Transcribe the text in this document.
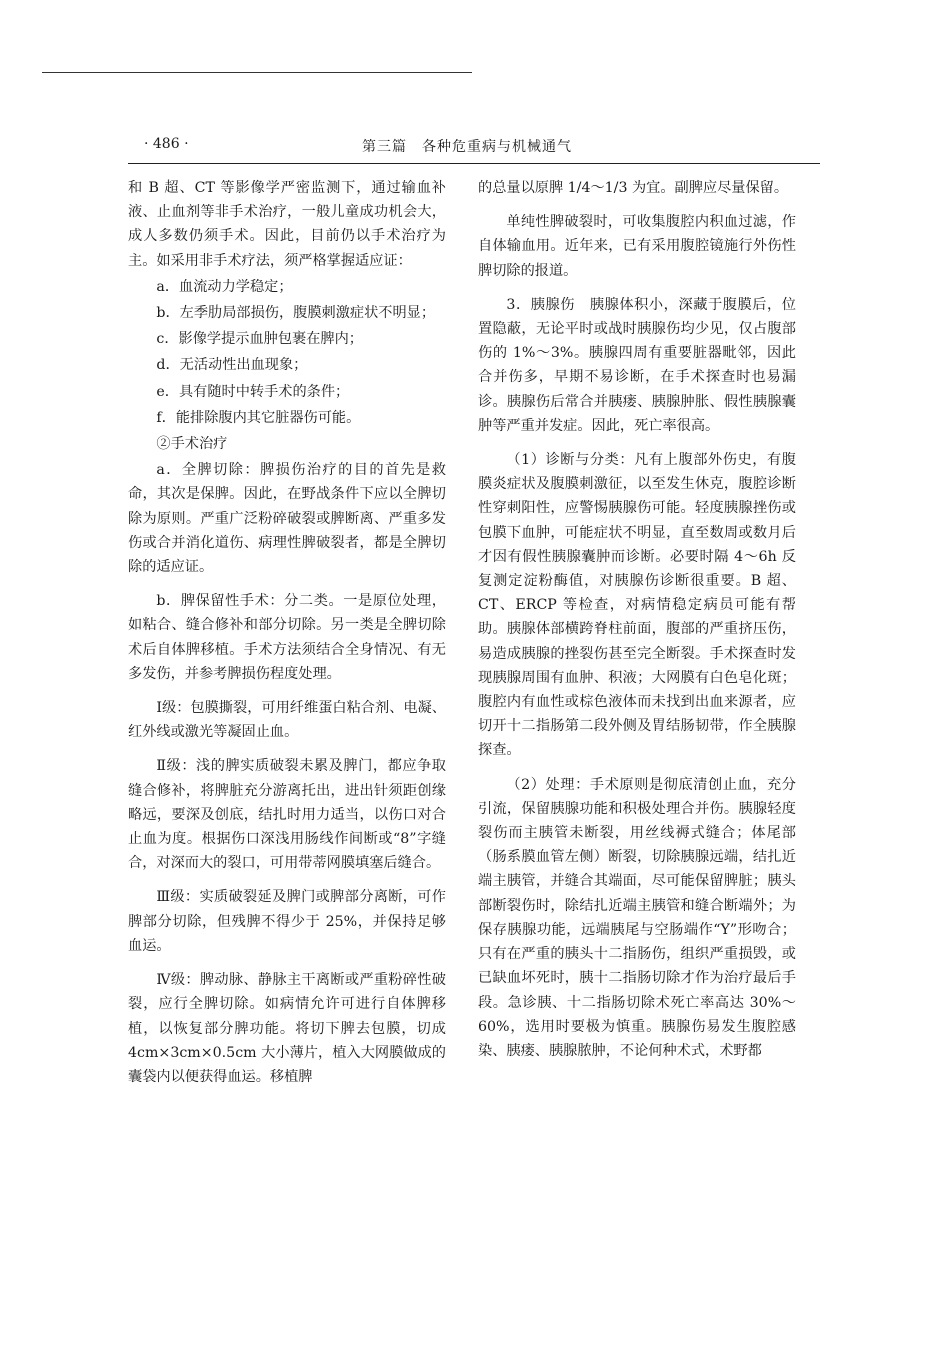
· 486 ·	第三篇　各种危重病与机械通气

和 B 超、CT 等影像学严密监测下，通过输血补液、止血剂等非手术治疗，一般儿童成功机会大，成人多数仍须手术。因此，目前仍以手术治疗为主。如采用非手术疗法，须严格掌握适应证：

a．血流动力学稳定；

b．左季肋局部损伤，腹膜刺激症状不明显；

c．影像学提示血肿包裹在脾内；

d．无活动性出血现象；

e．具有随时中转手术的条件；

f．能排除腹内其它脏器伤可能。

②手术治疗

a．全脾切除：脾损伤治疗的目的首先是救命，其次是保脾。因此，在野战条件下应以全脾切除为原则。严重广泛粉碎破裂或脾断离、严重多发伤或合并消化道伤、病理性脾破裂者，都是全脾切除的适应证。

b．脾保留性手术：分二类。一是原位处理，如粘合、缝合修补和部分切除。另一类是全脾切除术后自体脾移植。手术方法须结合全身情况、有无多发伤，并参考脾损伤程度处理。

Ⅰ级：包膜撕裂，可用纤维蛋白粘合剂、电凝、红外线或激光等凝固止血。

Ⅱ级：浅的脾实质破裂未累及脾门，都应争取缝合修补，将脾脏充分游离托出，进出针须距创缘略远，要深及创底，结扎时用力适当，以伤口对合止血为度。根据伤口深浅用肠线作间断或“8”字缝合，对深而大的裂口，可用带蒂网膜填塞后缝合。

Ⅲ级：实质破裂延及脾门或脾部分离断，可作脾部分切除，但残脾不得少于 25%，并保持足够血运。

Ⅳ级：脾动脉、静脉主干离断或严重粉碎性破裂，应行全脾切除。如病情允许可进行自体脾移植，以恢复部分脾功能。将切下脾去包膜，切成 4cm×3cm×0.5cm 大小薄片，植入大网膜做成的囊袋内以便获得血运。移植脾

的总量以原脾 1/4～1/3 为宜。副脾应尽量保留。

单纯性脾破裂时，可收集腹腔内积血过滤，作自体输血用。近年来，已有采用腹腔镜施行外伤性脾切除的报道。

3．胰腺伤　胰腺体积小，深藏于腹膜后，位置隐蔽，无论平时或战时胰腺伤均少见，仅占腹部伤的 1%～3%。胰腺四周有重要脏器毗邻，因此合并伤多，早期不易诊断，在手术探查时也易漏诊。胰腺伤后常合并胰瘘、胰腺肿胀、假性胰腺囊肿等严重并发症。因此，死亡率很高。

（1）诊断与分类：凡有上腹部外伤史，有腹膜炎症状及腹膜刺激征，以至发生休克，腹腔诊断性穿刺阳性，应警惕胰腺伤可能。轻度胰腺挫伤或包膜下血肿，可能症状不明显，直至数周或数月后才因有假性胰腺囊肿而诊断。必要时隔 4～6h 反复测定淀粉酶值，对胰腺伤诊断很重要。B 超、CT、ERCP 等检查，对病情稳定病员可能有帮助。胰腺体部横跨脊柱前面，腹部的严重挤压伤，易造成胰腺的挫裂伤甚至完全断裂。手术探查时发现胰腺周围有血肿、积液；大网膜有白色皂化斑；腹腔内有血性或棕色液体而未找到出血来源者，应切开十二指肠第二段外侧及胃结肠韧带，作全胰腺探查。

（2）处理：手术原则是彻底清创止血，充分引流，保留胰腺功能和积极处理合并伤。胰腺轻度裂伤而主胰管未断裂，用丝线褥式缝合；体尾部（肠系膜血管左侧）断裂，切除胰腺远端，结扎近端主胰管，并缝合其端面，尽可能保留脾脏；胰头部断裂伤时，除结扎近端主胰管和缝合断端外；为保存胰腺功能，远端胰尾与空肠端作“Y”形吻合；只有在严重的胰头十二指肠伤，组织严重损毁，或已缺血坏死时，胰十二指肠切除才作为治疗最后手段。急诊胰、十二指肠切除术死亡率高达 30%～60%，选用时要极为慎重。胰腺伤易发生腹腔感染、胰瘘、胰腺脓肿，不论何种术式，术野都
